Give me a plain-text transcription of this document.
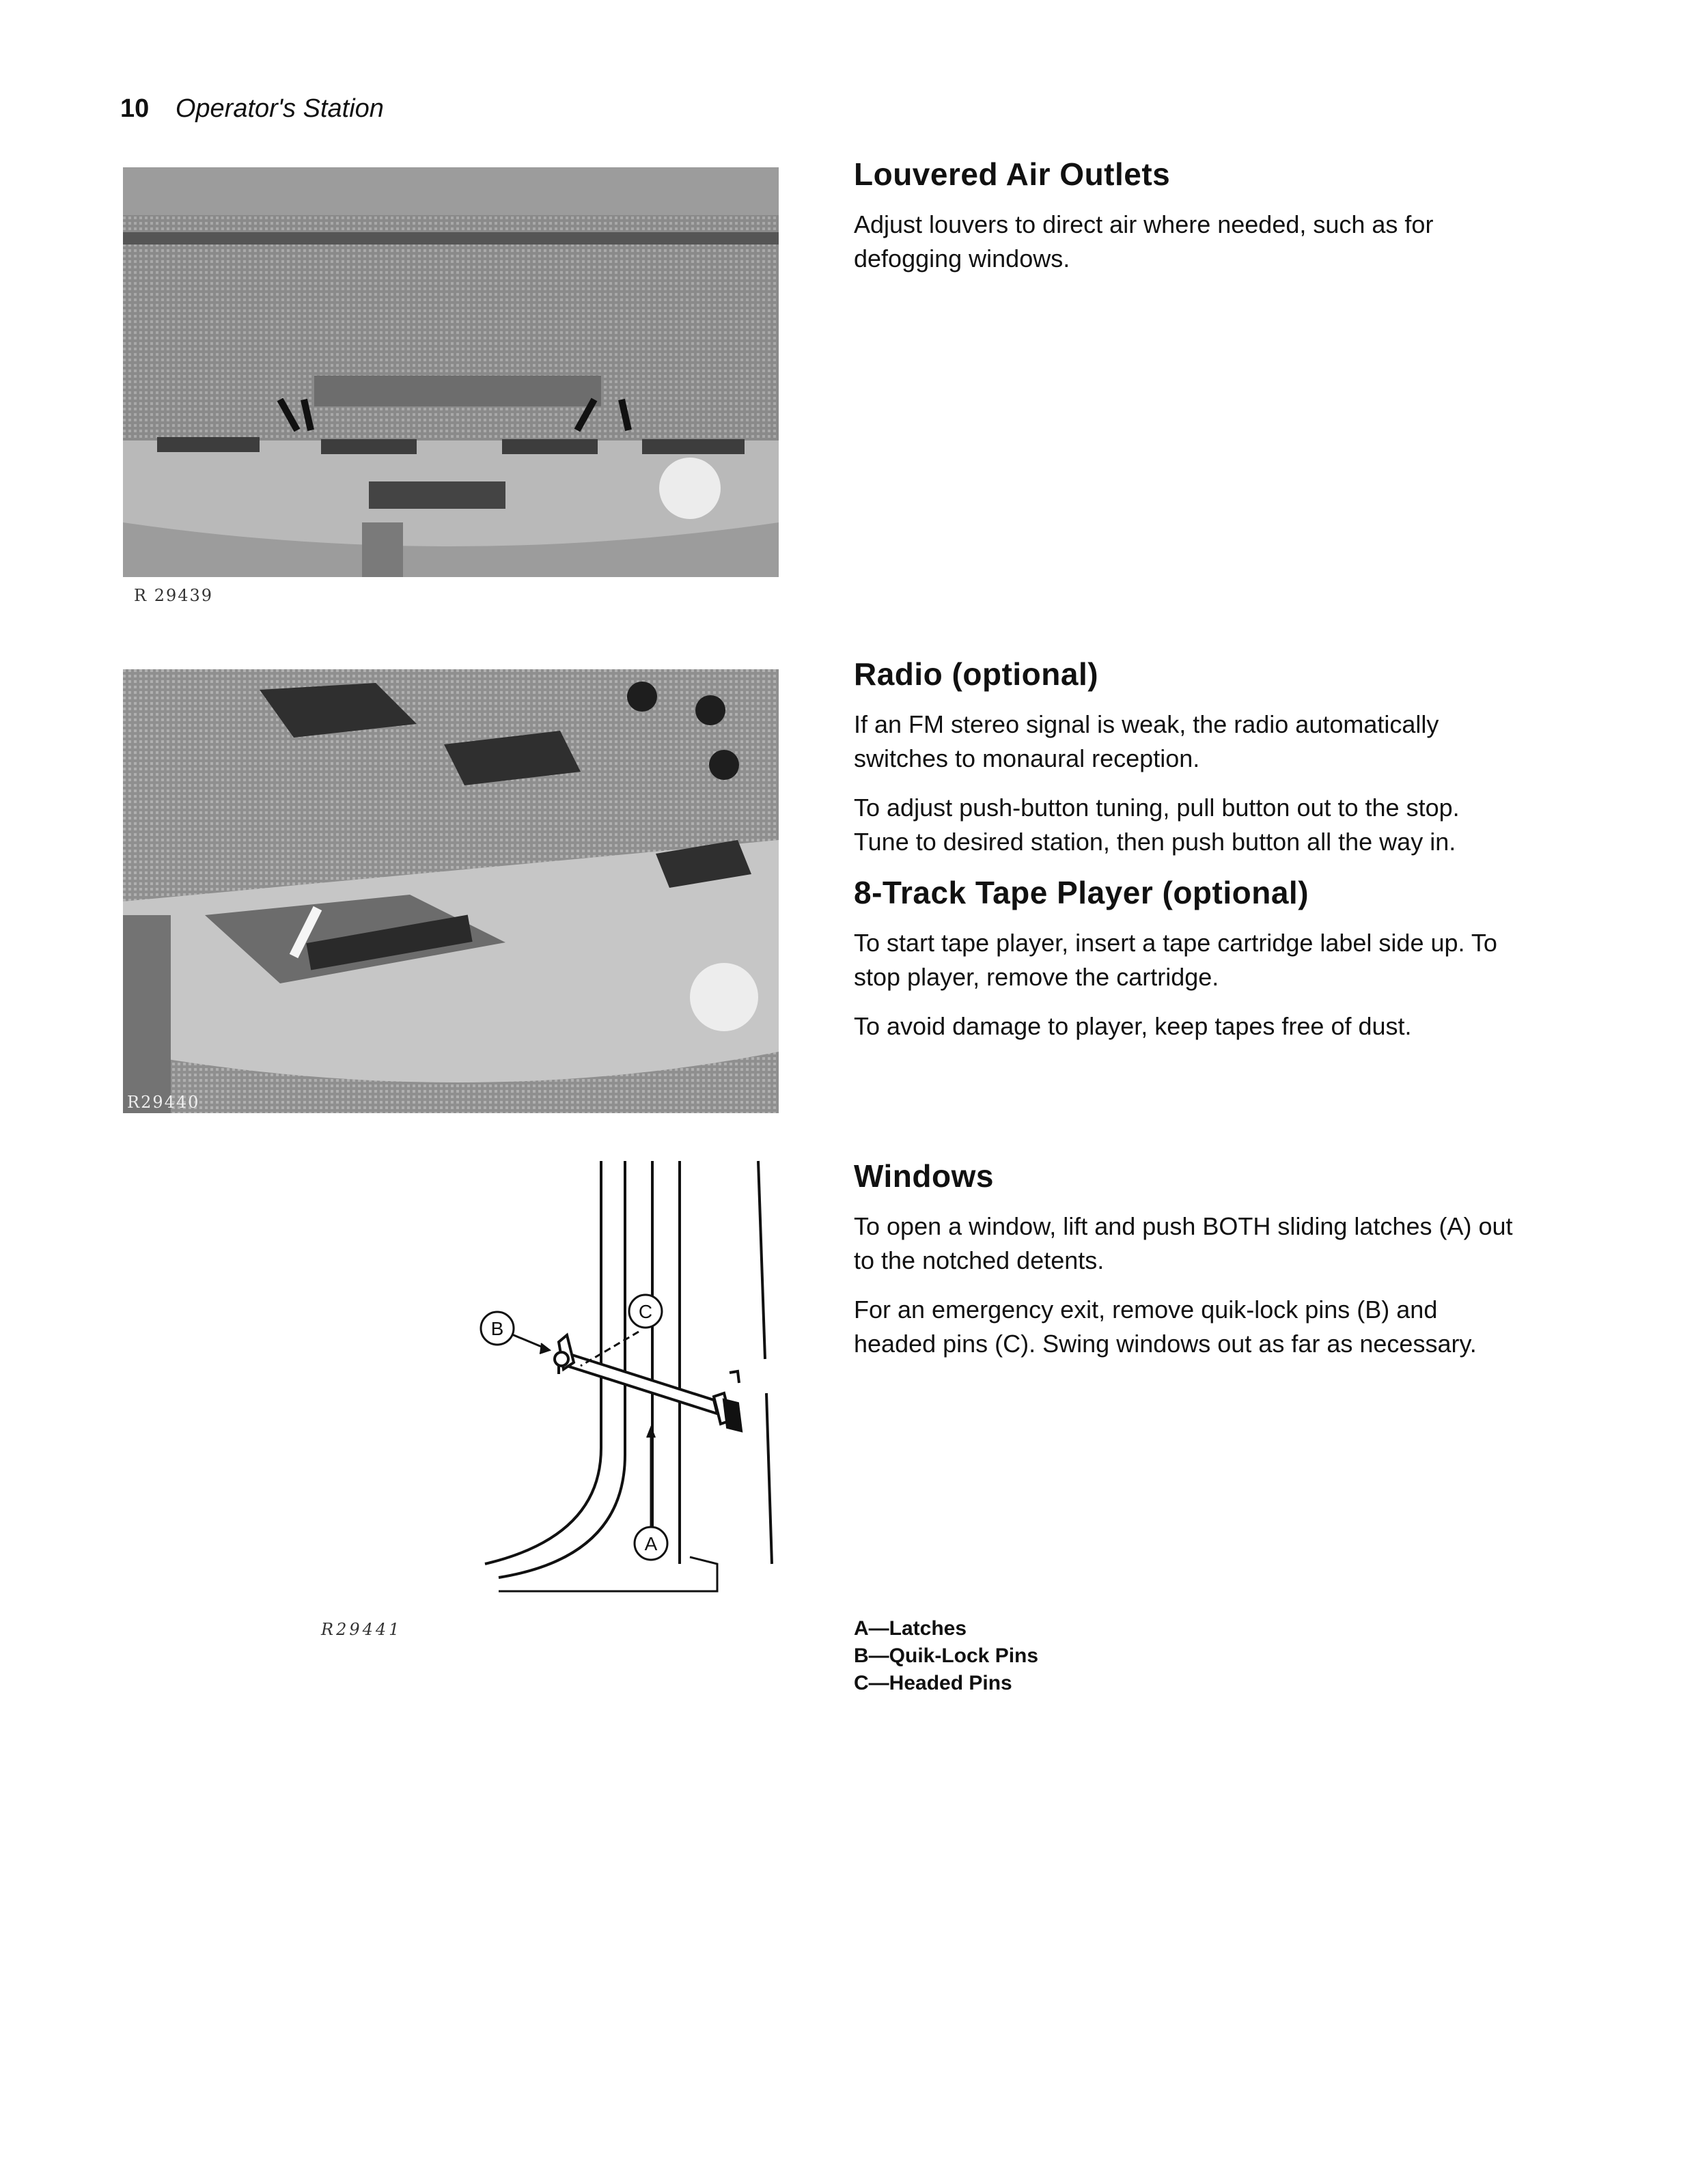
10 Operator's Station
R 29439
R29440
B
C
A
R29441
Louvered Air Outlets

Adjust louvers to direct air where needed, such as for defogging windows.

Radio (optional)

If an FM stereo signal is weak, the radio automatically switches to monaural reception.

To adjust push-button tuning, pull button out to the stop. Tune to desired station, then push button all the way in.

8-Track Tape Player (optional)

To start tape player, insert a tape cartridge label side up. To stop player, remove the cartridge.

To avoid damage to player, keep tapes free of dust.

Windows

To open a window, lift and push BOTH sliding latches (A) out to the notched detents.

For an emergency exit, remove quik-lock pins (B) and headed pins (C). Swing windows out as far as necessary.

A—Latches
B—Quik-Lock Pins
C—Headed Pins
